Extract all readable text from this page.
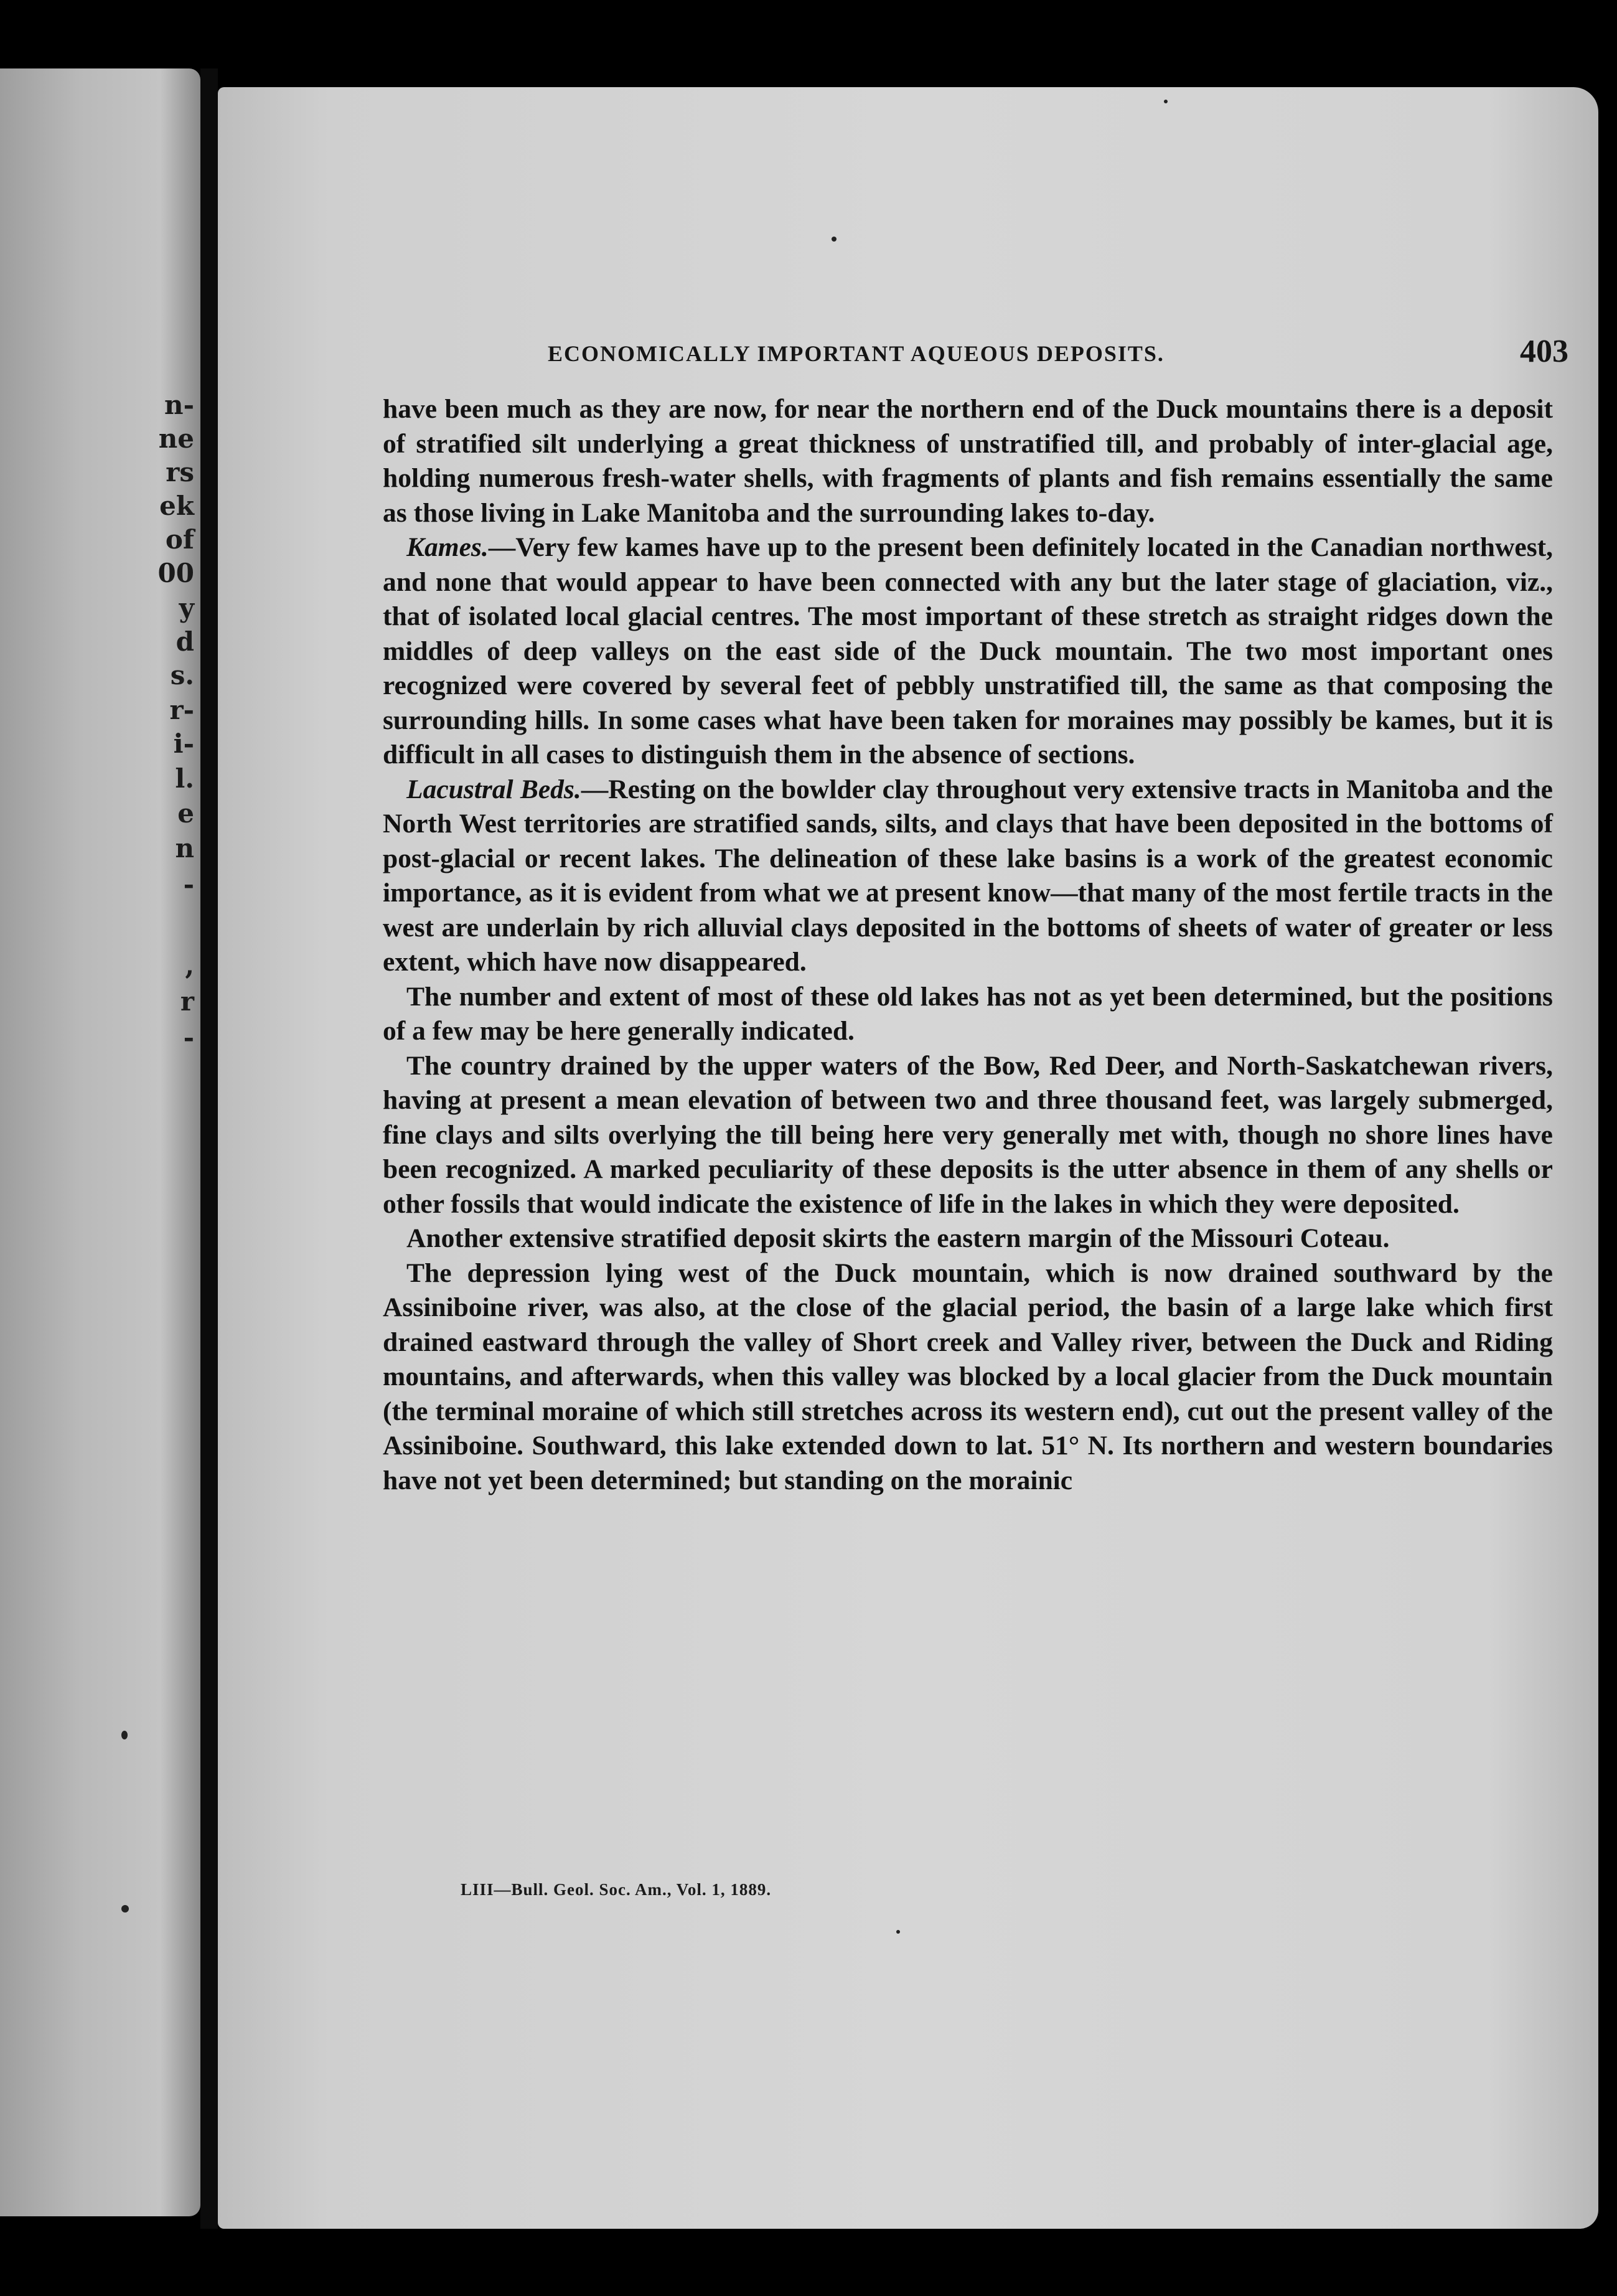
n-
ne
rs
ek
of
00
y
d
s.
r-
i-
l.
e
n
-
,
r
-
ECONOMICALLY IMPORTANT AQUEOUS DEPOSITS.	403

have been much as they are now, for near the northern end of the Duck mountains there is a deposit of stratified silt underlying a great thickness of unstratified till, and probably of inter-glacial age, holding numerous fresh-water shells, with fragments of plants and fish remains essentially the same as those living in Lake Manitoba and the surrounding lakes to-day.

Kames.—Very few kames have up to the present been definitely located in the Canadian northwest, and none that would appear to have been connected with any but the later stage of glaciation, viz., that of isolated local glacial centres. The most important of these stretch as straight ridges down the middles of deep valleys on the east side of the Duck mountain. The two most important ones recognized were covered by several feet of pebbly unstratified till, the same as that composing the surrounding hills. In some cases what have been taken for moraines may possibly be kames, but it is difficult in all cases to distinguish them in the absence of sections.

Lacustral Beds.—Resting on the bowlder clay throughout very extensive tracts in Manitoba and the North West territories are stratified sands, silts, and clays that have been deposited in the bottoms of post-glacial or recent lakes. The delineation of these lake basins is a work of the greatest economic importance, as it is evident from what we at present know—that many of the most fertile tracts in the west are underlain by rich alluvial clays deposited in the bottoms of sheets of water of greater or less extent, which have now disappeared.

The number and extent of most of these old lakes has not as yet been determined, but the positions of a few may be here generally indicated.

The country drained by the upper waters of the Bow, Red Deer, and North-Saskatchewan rivers, having at present a mean elevation of between two and three thousand feet, was largely submerged, fine clays and silts overlying the till being here very generally met with, though no shore lines have been recognized. A marked peculiarity of these deposits is the utter absence in them of any shells or other fossils that would indicate the existence of life in the lakes in which they were deposited.

Another extensive stratified deposit skirts the eastern margin of the Missouri Coteau.

The depression lying west of the Duck mountain, which is now drained southward by the Assiniboine river, was also, at the close of the glacial period, the basin of a large lake which first drained eastward through the valley of Short creek and Valley river, between the Duck and Riding mountains, and afterwards, when this valley was blocked by a local glacier from the Duck mountain (the terminal moraine of which still stretches across its western end), cut out the present valley of the Assiniboine. Southward, this lake extended down to lat. 51° N. Its northern and western boundaries have not yet been determined; but standing on the morainic

LIII—Bull. Geol. Soc. Am., Vol. 1, 1889.
